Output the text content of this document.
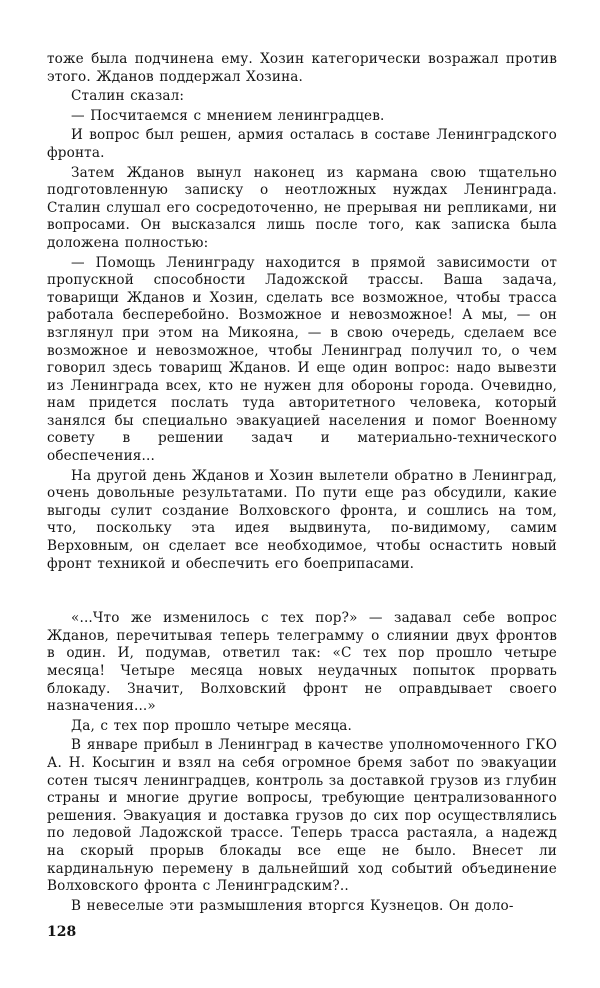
тоже была подчинена ему. Хозин категорически возражал против этого. Жданов поддержал Хозина.

Сталин сказал:

— Посчитаемся с мнением ленинградцев.

И вопрос был решен, армия осталась в составе Ленинградского фронта.

Затем Жданов вынул наконец из кармана свою тщательно подготовленную записку о неотложных нуждах Ленинграда. Сталин слушал его сосредоточенно, не прерывая ни репликами, ни вопросами. Он высказался лишь после того, как записка была доложена полностью:

— Помощь Ленинграду находится в прямой зависимости от пропускной способности Ладожской трассы. Ваша задача, товарищи Жданов и Хозин, сделать все возможное, чтобы трасса работала бесперебойно. Возможное и невозможное! А мы, — он взглянул при этом на Микояна, — в свою очередь, сделаем все возможное и невозможное, чтобы Ленинград получил то, о чем говорил здесь товарищ Жданов. И еще один вопрос: надо вывезти из Ленинграда всех, кто не нужен для обороны города. Очевидно, нам придется послать туда авторитетного человека, который занялся бы специально эвакуацией населения и помог Военному совету в решении задач и материально-технического обеспечения...

На другой день Жданов и Хозин вылетели обратно в Ленинград, очень довольные результатами. По пути еще раз обсудили, какие выгоды сулит создание Волховского фронта, и сошлись на том, что, поскольку эта идея выдвинута, по-видимому, самим Верховным, он сделает все необходимое, чтобы оснастить новый фронт техникой и обеспечить его боеприпасами.

«...Что же изменилось с тех пор?» — задавал себе вопрос Жданов, перечитывая теперь телеграмму о слиянии двух фронтов в один. И, подумав, ответил так: «С тех пор прошло четыре месяца! Четыре месяца новых неудачных попыток прорвать блокаду. Значит, Волховский фронт не оправдывает своего назначения...»

Да, с тех пор прошло четыре месяца.

В январе прибыл в Ленинград в качестве уполномоченного ГКО А. Н. Косыгин и взял на себя огромное бремя забот по эвакуации сотен тысяч ленинградцев, контроль за доставкой грузов из глубин страны и многие другие вопросы, требующие централизованного решения. Эвакуация и доставка грузов до сих пор осуществлялись по ледовой Ладожской трассе. Теперь трасса растаяла, а надежд на скорый прорыв блокады все еще не было. Внесет ли кардинальную перемену в дальнейший ход событий объединение Волховского фронта с Ленинградским?..

В невеселые эти размышления вторгся Кузнецов. Он доло-

128
